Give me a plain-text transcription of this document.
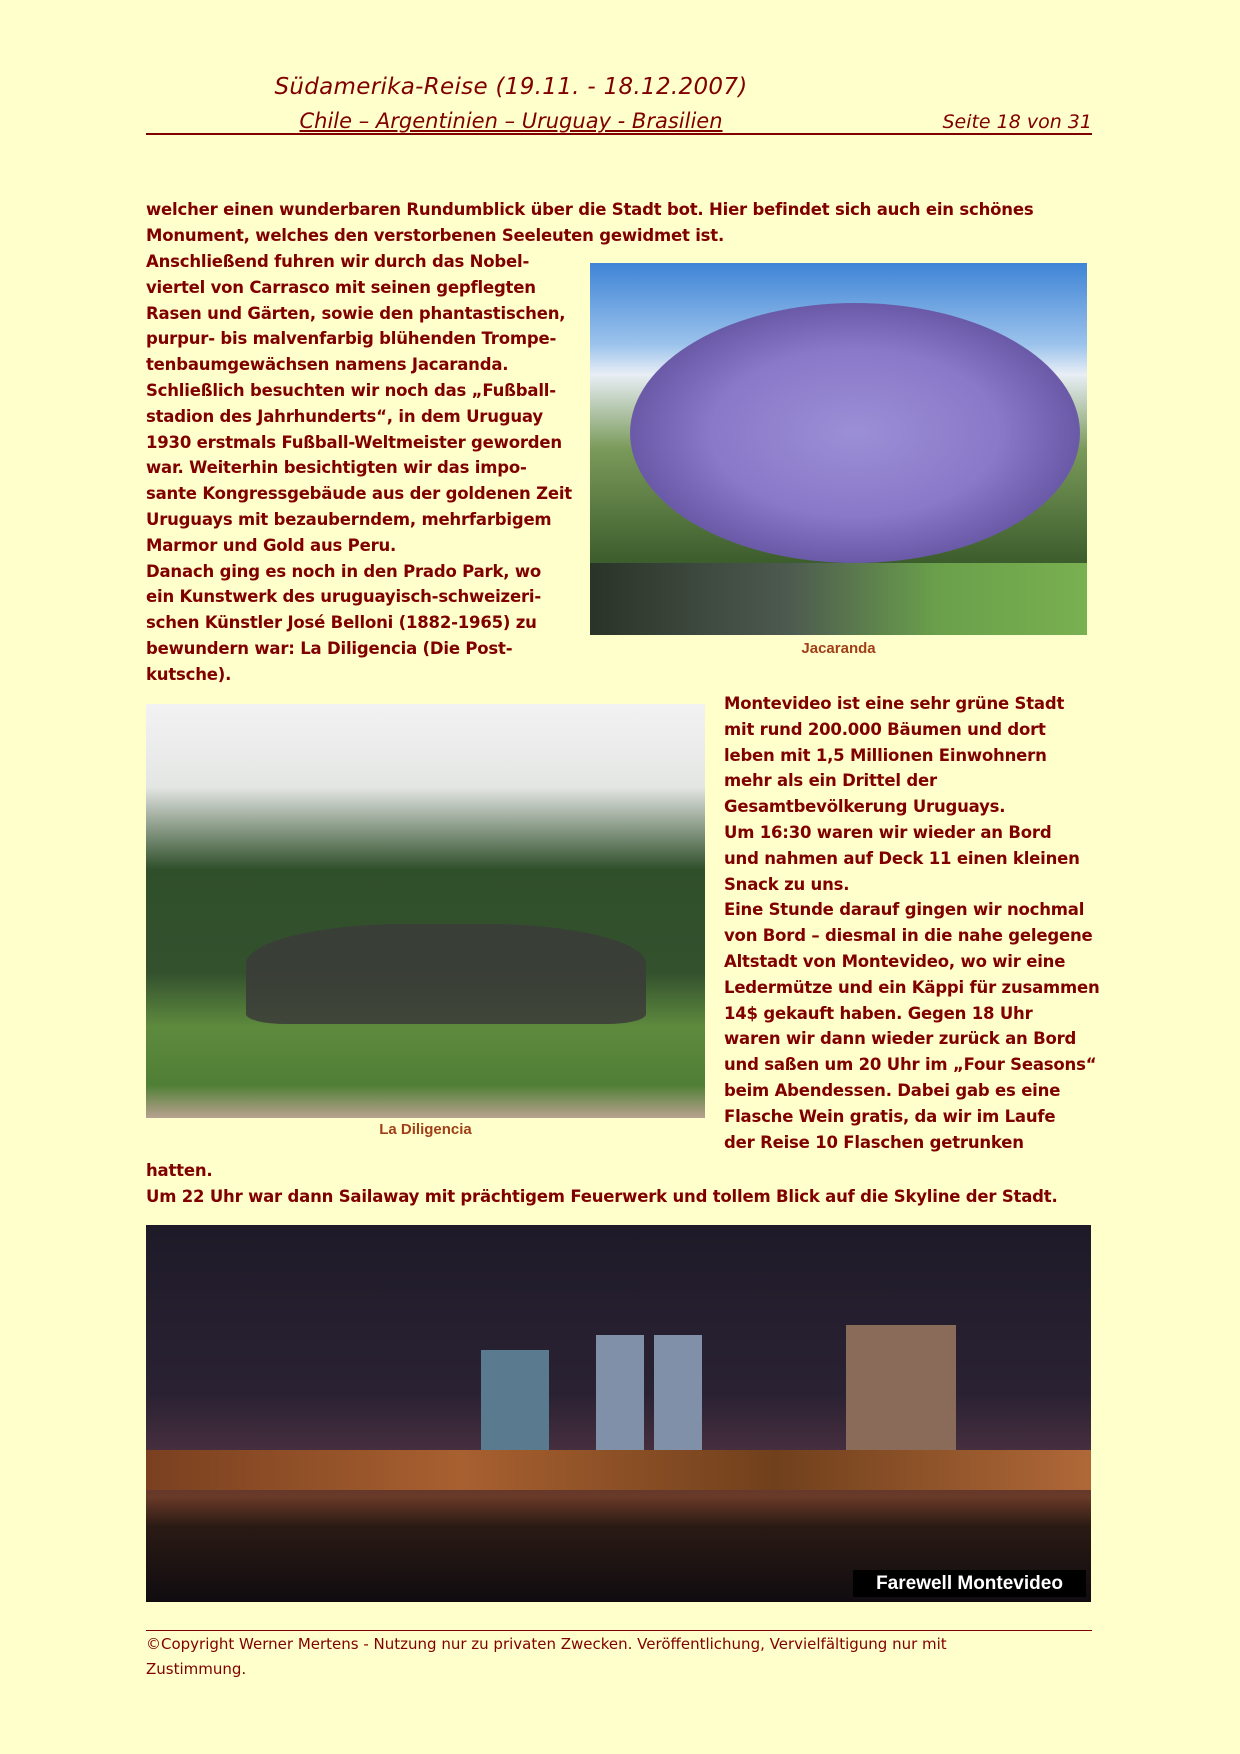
Südamerika-Reise (19.11. - 18.12.2007)
Chile – Argentinien – Uruguay - Brasilien	Seite 18 von 31
welcher einen wunderbaren Rundumblick über die Stadt bot. Hier befindet sich auch ein schönes
Monument, welches den verstorbenen Seeleuten gewidmet ist.
Anschließend fuhren wir durch das Nobel-
viertel von Carrasco mit seinen gepflegten
Rasen und Gärten, sowie den phantastischen,
purpur- bis malvenfarbig blühenden Trompe-
tenbaumgewächsen namens Jacaranda.
Schließlich besuchten wir noch das „Fußball-
stadion des Jahrhunderts“, in dem Uruguay
1930 erstmals Fußball-Weltmeister geworden
war. Weiterhin besichtigten wir das impo-
sante Kongressgebäude aus der goldenen Zeit
Uruguays mit bezauberndem, mehrfarbigem
Marmor und Gold aus Peru.
Danach ging es noch in den Prado Park, wo
ein Kunstwerk des uruguayisch-schweizeri-
schen Künstler José Belloni (1882-1965) zu
bewundern war: La Diligencia (Die Post-
kutsche).
Jacaranda
La Diligencia
Montevideo ist eine sehr grüne Stadt
mit rund 200.000 Bäumen und dort
leben mit 1,5 Millionen Einwohnern
mehr als ein Drittel der
Gesamtbevölkerung Uruguays.
Um 16:30 waren wir wieder an Bord
und nahmen auf Deck 11 einen kleinen
Snack zu uns.
Eine Stunde darauf gingen wir nochmal
von Bord – diesmal in die nahe gelegene
Altstadt von Montevideo, wo wir eine
Ledermütze und ein Käppi für zusammen
14$ gekauft haben. Gegen 18 Uhr
waren wir dann wieder zurück an Bord
und saßen um 20 Uhr im „Four Seasons“
beim Abendessen. Dabei gab es eine
Flasche Wein gratis, da wir im Laufe
der Reise 10 Flaschen getrunken
hatten.
Um 22 Uhr war dann Sailaway mit prächtigem Feuerwerk und tollem Blick auf die Skyline der Stadt.
Farewell Montevideo
©Copyright Werner Mertens - Nutzung nur zu privaten Zwecken. Veröffentlichung, Vervielfältigung nur mit
Zustimmung.
